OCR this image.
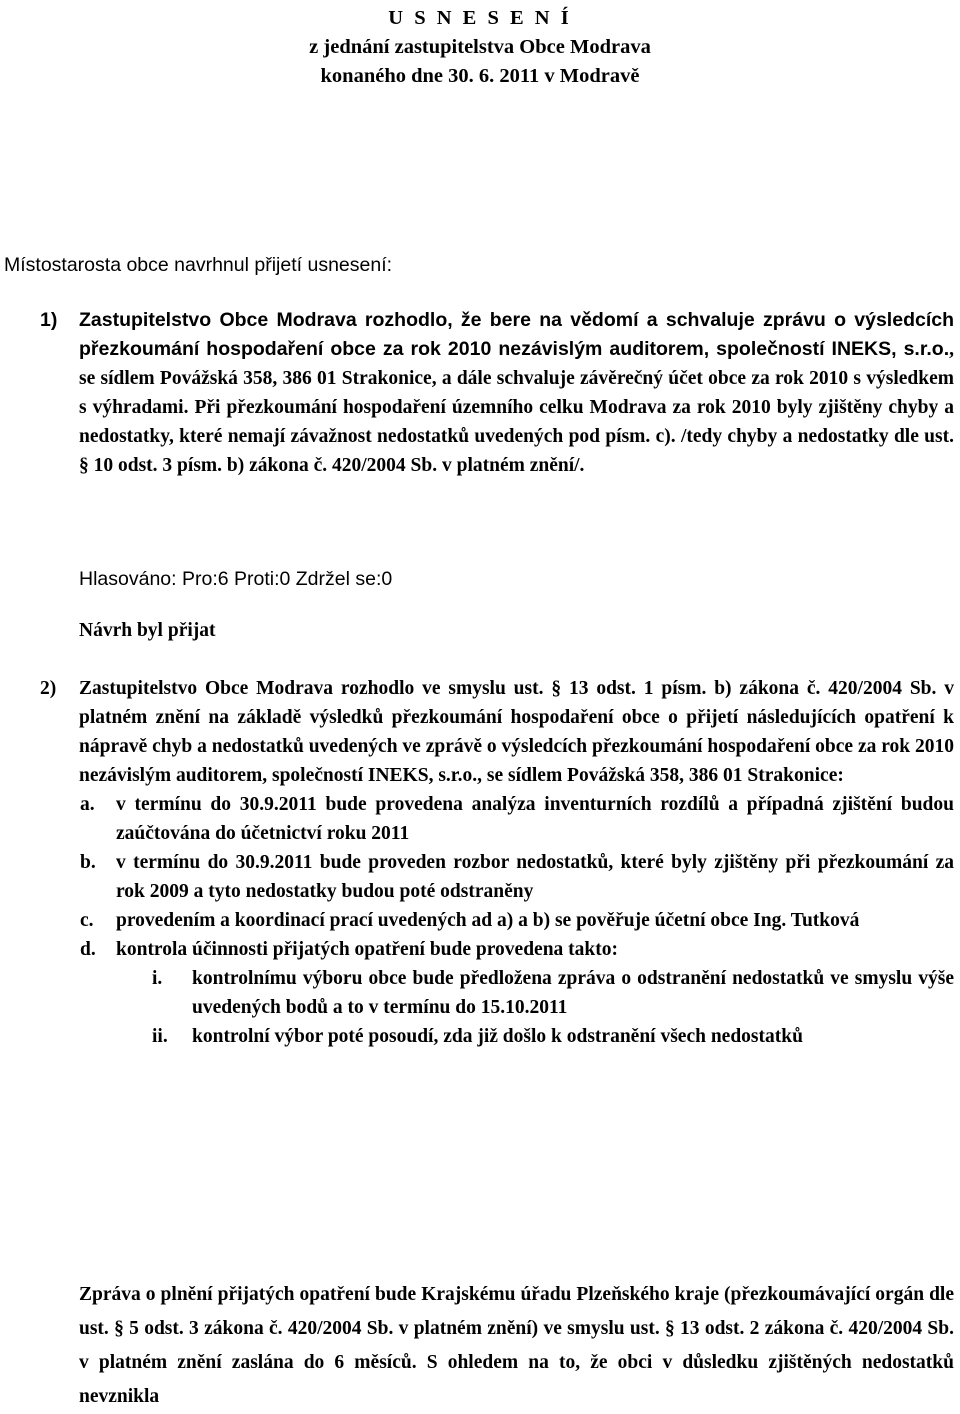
U S N E S E N Í
z jednání zastupitelstva Obce Modrava
konaného dne 30. 6. 2011 v Modravě
Místostarosta obce navrhnul přijetí usnesení:
1) Zastupitelstvo Obce Modrava rozhodlo, že bere na vědomí a schvaluje zprávu o výsledcích přezkoumání hospodaření obce za rok 2010 nezávislým auditorem, společností INEKS, s.r.o., se sídlem Povážská 358, 386 01 Strakonice, a dále schvaluje závěrečný účet obce za rok 2010 s výsledkem s výhradami. Při přezkoumání hospodaření územního celku Modrava za rok 2010 byly zjištěny chyby a nedostatky, které nemají závažnost nedostatků uvedených pod písm. c). /tedy chyby a nedostatky dle ust. § 10 odst. 3 písm. b) zákona č. 420/2004 Sb. v platném znění/.
Hlasováno: Pro:6 Proti:0 Zdržel se:0
Návrh byl přijat
2) Zastupitelstvo Obce Modrava rozhodlo ve smyslu ust. § 13 odst. 1 písm. b) zákona č. 420/2004 Sb. v platném znění na základě výsledků přezkoumání hospodaření obce o přijetí následujících opatření k nápravě chyb a nedostatků uvedených ve zprávě o výsledcích přezkoumání hospodaření obce za rok 2010 nezávislým auditorem, společností INEKS, s.r.o., se sídlem Povážská 358, 386 01 Strakonice:
a. v termínu do 30.9.2011 bude provedena analýza inventurních rozdílů a případná zjištění budou zaúčtována do účetnictví roku 2011
b. v termínu do 30.9.2011 bude proveden rozbor nedostatků, které byly zjištěny při přezkoumání za rok 2009 a tyto nedostatky budou poté odstraněny
c. provedením a koordinací prací uvedených ad a) a b) se pověřuje účetní obce Ing. Tutková
d. kontrola účinnosti přijatých opatření bude provedena takto:
i. kontrolnímu výboru obce bude předložena zpráva o odstranění nedostatků ve smyslu výše uvedených bodů a to v termínu do 15.10.2011
ii. kontrolní výbor poté posoudí, zda již došlo k odstranění všech nedostatků
Zpráva o plnění přijatých opatření bude Krajskému úřadu Plzeňského kraje (přezkoumávající orgán dle ust. § 5 odst. 3 zákona č. 420/2004 Sb. v platném znění) ve smyslu ust. § 13 odst. 2 zákona č. 420/2004 Sb. v platném znění zaslána do 6 měsíců. S ohledem na to, že obci v důsledku zjištěných nedostatků nevznikla
